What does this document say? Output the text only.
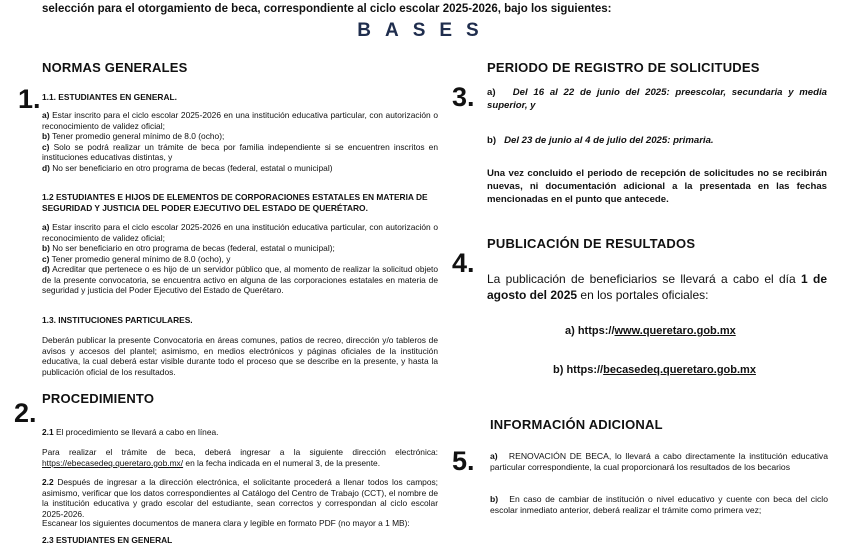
selección para el otorgamiento de beca, correspondiente al ciclo escolar 2025-2026, bajo los siguientes:
BASES
NORMAS GENERALES
1. 1.1. ESTUDIANTES EN GENERAL.

a) Estar inscrito para el ciclo escolar 2025-2026 en una institución educativa particular, con autorización o reconocimiento de validez oficial;

b) Tener promedio general mínimo de 8.0 (ocho);

c) Solo se podrá realizar un trámite de beca por familia independiente si se encuentren inscritos en instituciones educativas distintas, y

d) No ser beneficiario en otro programa de becas (federal, estatal o municipal)

1.2 ESTUDIANTES E HIJOS DE ELEMENTOS DE CORPORACIONES ESTATALES EN MATERIA DE SEGURIDAD Y JUSTICIA DEL PODER EJECUTIVO DEL ESTADO DE QUERÉTARO.

a) Estar inscrito para el ciclo escolar 2025-2026 en una institución educativa particular, con autorización o reconocimiento de validez oficial;

b) No ser beneficiario en otro programa de becas (federal, estatal o municipal);

c) Tener promedio general mínimo de 8.0 (ocho), y

d) Acreditar que pertenece o es hijo de un servidor público que, al momento de realizar la solicitud objeto de la presente convocatoria, se encuentra activo en alguna de las corporaciones estatales en materia de seguridad y justicia del Poder Ejecutivo del Estado de Querétaro.

1.3. INSTITUCIONES PARTICULARES.
Deberán publicar la presente Convocatoria en áreas comunes, patios de recreo, dirección y/o tableros de avisos y accesos del plantel; asimismo, en medios electrónicos y páginas oficiales de la institución educativa, la cual deberá estar visible durante todo el proceso que se describe en la presente, y hasta la publicación oficial de los resultados.
PROCEDIMIENTO
2.

2.1 El procedimiento se llevará a cabo en línea.

Para realizar el trámite de beca, deberá ingresar a la siguiente dirección electrónica: https://ebecasedeq.queretaro.gob.mx/ en la fecha indicada en el numeral 3, de la presente.

2.2 Después de ingresar a la dirección electrónica, el solicitante procederá a llenar todos los campos; asimismo, verificar que los datos correspondientes al Catálogo del Centro de Trabajo (CCT), el nombre de la institución educativa y grado escolar del estudiante, sean correctos y correspondan al ciclo escolar 2025-2026.

Escanear los siguientes documentos de manera clara y legible en formato PDF (no mayor a 1 MB):
2.3 ESTUDIANTES EN GENERAL
PERIODO DE REGISTRO DE SOLICITUDES
3. a) Del 16 al 22 de junio del 2025: preescolar, secundaria y media superior, y
b) Del 23 de junio al 4 de julio del 2025: primaria.
Una vez concluido el periodo de recepción de solicitudes no se recibirán nuevas, ni documentación adicional a la presentada en las fechas mencionadas en el punto que antecede.
PUBLICACIÓN DE RESULTADOS
4.
La publicación de beneficiarios se llevará a cabo el día 1 de agosto del 2025 en los portales oficiales:
a) https://www.queretaro.gob.mx
b) https://becasedeq.queretaro.gob.mx
INFORMACIÓN ADICIONAL
5. a) RENOVACIÓN DE BECA, lo llevará a cabo directamente la institución educativa particular correspondiente, la cual proporcionará los resultados de los becarios
b) En caso de cambiar de institución o nivel educativo y cuente con beca del ciclo escolar inmediato anterior, deberá realizar el trámite como primera vez;
